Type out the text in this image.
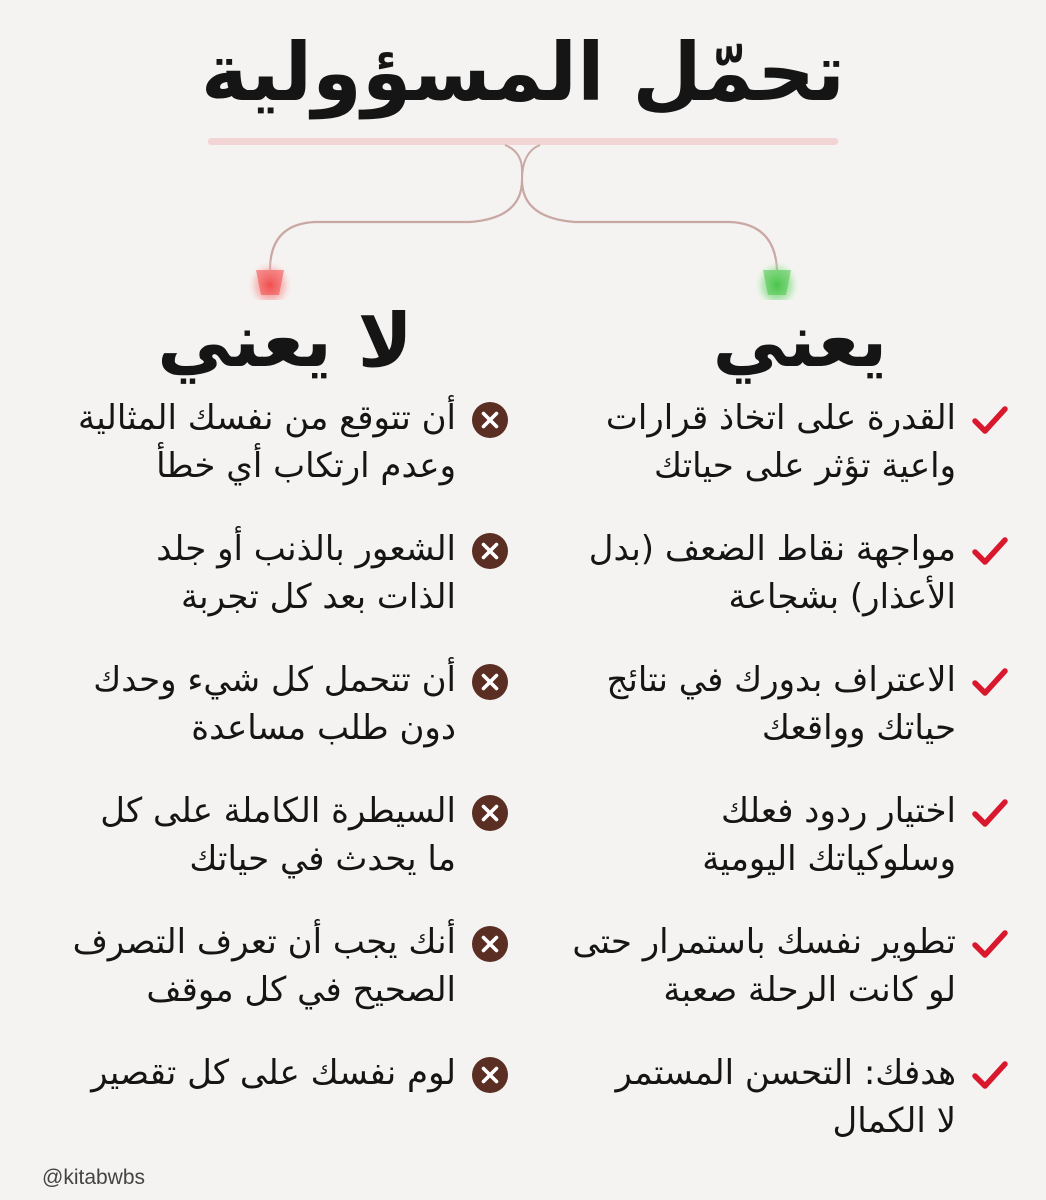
تحمّل المسؤولية
يعني
لا يعني
القدرة على اتخاذ قرارات
واعية تؤثر على حياتك
مواجهة نقاط الضعف (بدل
الأعذار) بشجاعة
الاعتراف بدورك في نتائج
حياتك وواقعك
اختيار ردود فعلك
وسلوكياتك اليومية
تطوير نفسك باستمرار حتى
لو كانت الرحلة صعبة
هدفك: التحسن المستمر
لا الكمال
أن تتوقع من نفسك المثالية
وعدم ارتكاب أي خطأ
الشعور بالذنب أو جلد
الذات بعد كل تجربة
أن تتحمل كل شيء وحدك
دون طلب مساعدة
السيطرة الكاملة على كل
ما يحدث في حياتك
أنك يجب أن تعرف التصرف
الصحيح في كل موقف
لوم نفسك على كل تقصير
@kitabwbs
